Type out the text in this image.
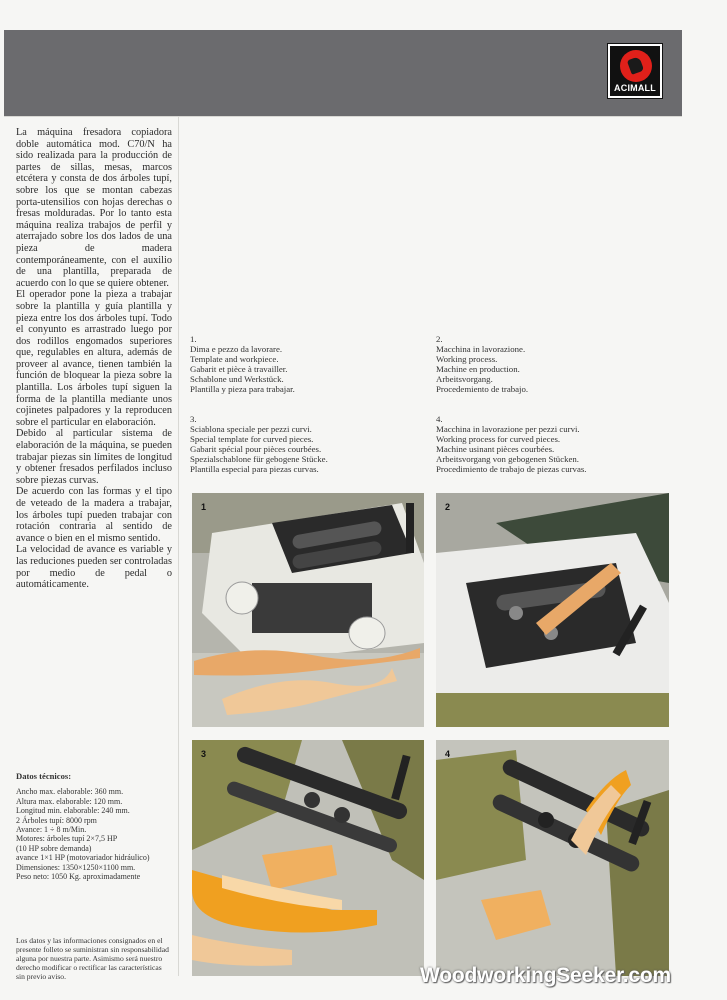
ACIMALL

La máquina fresadora copiadora doble automática mod. C70/N ha sido realizada para la producción de partes de sillas, mesas, marcos etcétera y consta de dos árboles tupí, sobre los que se montan cabezas porta-utensilios con hojas derechas o fresas molduradas. Por lo tanto esta máquina realiza trabajos de perfil y aterrajado sobre los dos lados de una pieza de madera contemporáneamente, con el auxilio de una plantilla, preparada de acuerdo con lo que se quiere obtener.

El operador pone la pieza a trabajar sobre la plantilla y guía plantilla y pieza entre los dos árboles tupí. Todo el conyunto es arrastrado luego por dos rodillos engomados superiores que, regulables en altura, además de proveer al avance, tienen también la función de bloquear la pieza sobre la plantilla. Los árboles tupí siguen la forma de la plantilla mediante unos cojinetes palpadores y la reproducen sobre el particular en elaboración.

Debido al particular sistema de elaboración de la máquina, se pueden trabajar piezas sin límites de longitud y obtener fresados perfilados incluso sobre piezas curvas.

De acuerdo con las formas y el tipo de veteado de la madera a trabajar, los árboles tupí pueden trabajar con rotación contraria al sentido de avance o bien en el mismo sentido.

La velocidad de avance es variable y las reduciones pueden ser controladas por medio de pedal o automáticamente.

1.
Dima e pezzo da lavorare.
Template and workpiece.
Gabarit et pièce à travailler.
Schablone und Werkstück.
Plantilla y pieza para trabajar.
2.
Macchina in lavorazione.
Working process.
Machine en production.
Arbeitsvorgang.
Procedemiento de trabajo.
3.
Sciablona speciale per pezzi curvi.
Special template for curved pieces.
Gabarit spécial pour pièces courbées.
Spezialschablone für gebogene Stücke.
Plantilla especial para piezas curvas.
4.
Macchina in lavorazione per pezzi curvi.
Working process for curved pieces.
Machine usinant pièces courbées.
Arbeitsvorgang von gebogenen Stücken.
Procedimiento de trabajo de piezas curvas.
1	2
3	4
Datos técnicos:
Ancho max. elaborable: 360 mm.
Altura max. elaborable: 120 mm.
Longitud min. elaborable: 240 mm.
2 Árboles tupí: 8000 rpm
Avance: 1 ÷ 8 m/Min.
Motores: árboles tupí 2×7,5 HP
(10 HP sobre demanda)
avance 1×1 HP (motovariador hidráulico)
Dimensiones: 1350×1250×1100 mm.
Peso neto: 1050 Kg. aproximadamente
Los datos y las informaciones consignados en el presente folleto se suministran sin responsabilidad alguna por nuestra parte. Asimismo será nuestro derecho modificar o rectificar las características sin previo aviso.	WoodworkingSeeker.com
